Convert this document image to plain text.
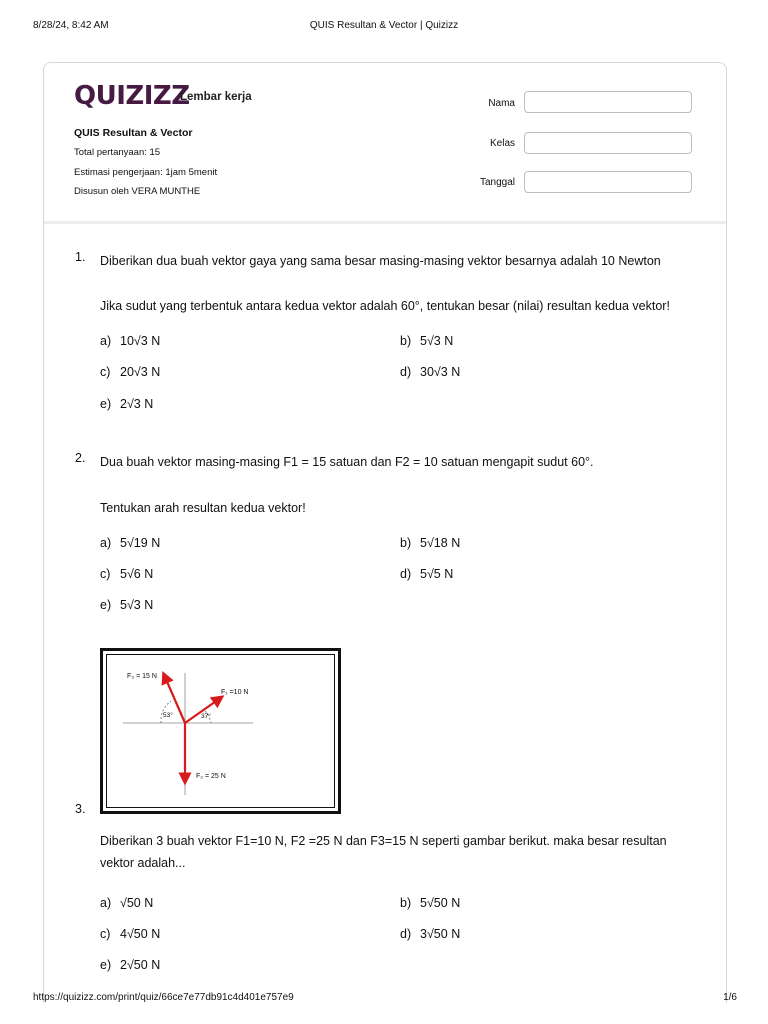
8/28/24, 8:42 AM	QUIS Resultan & Vector | Quizizz
QUIZIZZ
Lembar kerja
QUIS Resultan & Vector
Total pertanyaan: 15
Estimasi pengerjaan: 1jam 5menit
Disusun oleh VERA MUNTHE
Nama
Kelas
Tanggal
1. Diberikan dua buah vektor gaya yang sama besar masing-masing vektor besarnya adalah 10 Newton
Jika sudut yang terbentuk antara kedua vektor adalah 60°, tentukan besar (nilai) resultan kedua vektor!
a) 10√3 N	b) 5√3 N
c) 20√3 N	d) 30√3 N
e) 2√3 N
2. Dua buah vektor masing-masing F1 = 15 satuan dan F2 = 10 satuan mengapit sudut 60°.
Tentukan arah resultan kedua vektor!
a) 5√19 N	b) 5√18 N
c) 5√6 N	d) 5√5 N
e) 5√3 N
F₃ = 15 N
F₁ =10 N
F₂ = 25 N
53°	37°
3.
Diberikan 3 buah vektor F1=10 N, F2 =25 N dan F3=15 N seperti gambar berikut. maka besar resultan vektor adalah...
a) √50 N	b) 5√50 N
c) 4√50 N	d) 3√50 N
e) 2√50 N
https://quizizz.com/print/quiz/66ce7e77db91c4d401e757e9	1/6
